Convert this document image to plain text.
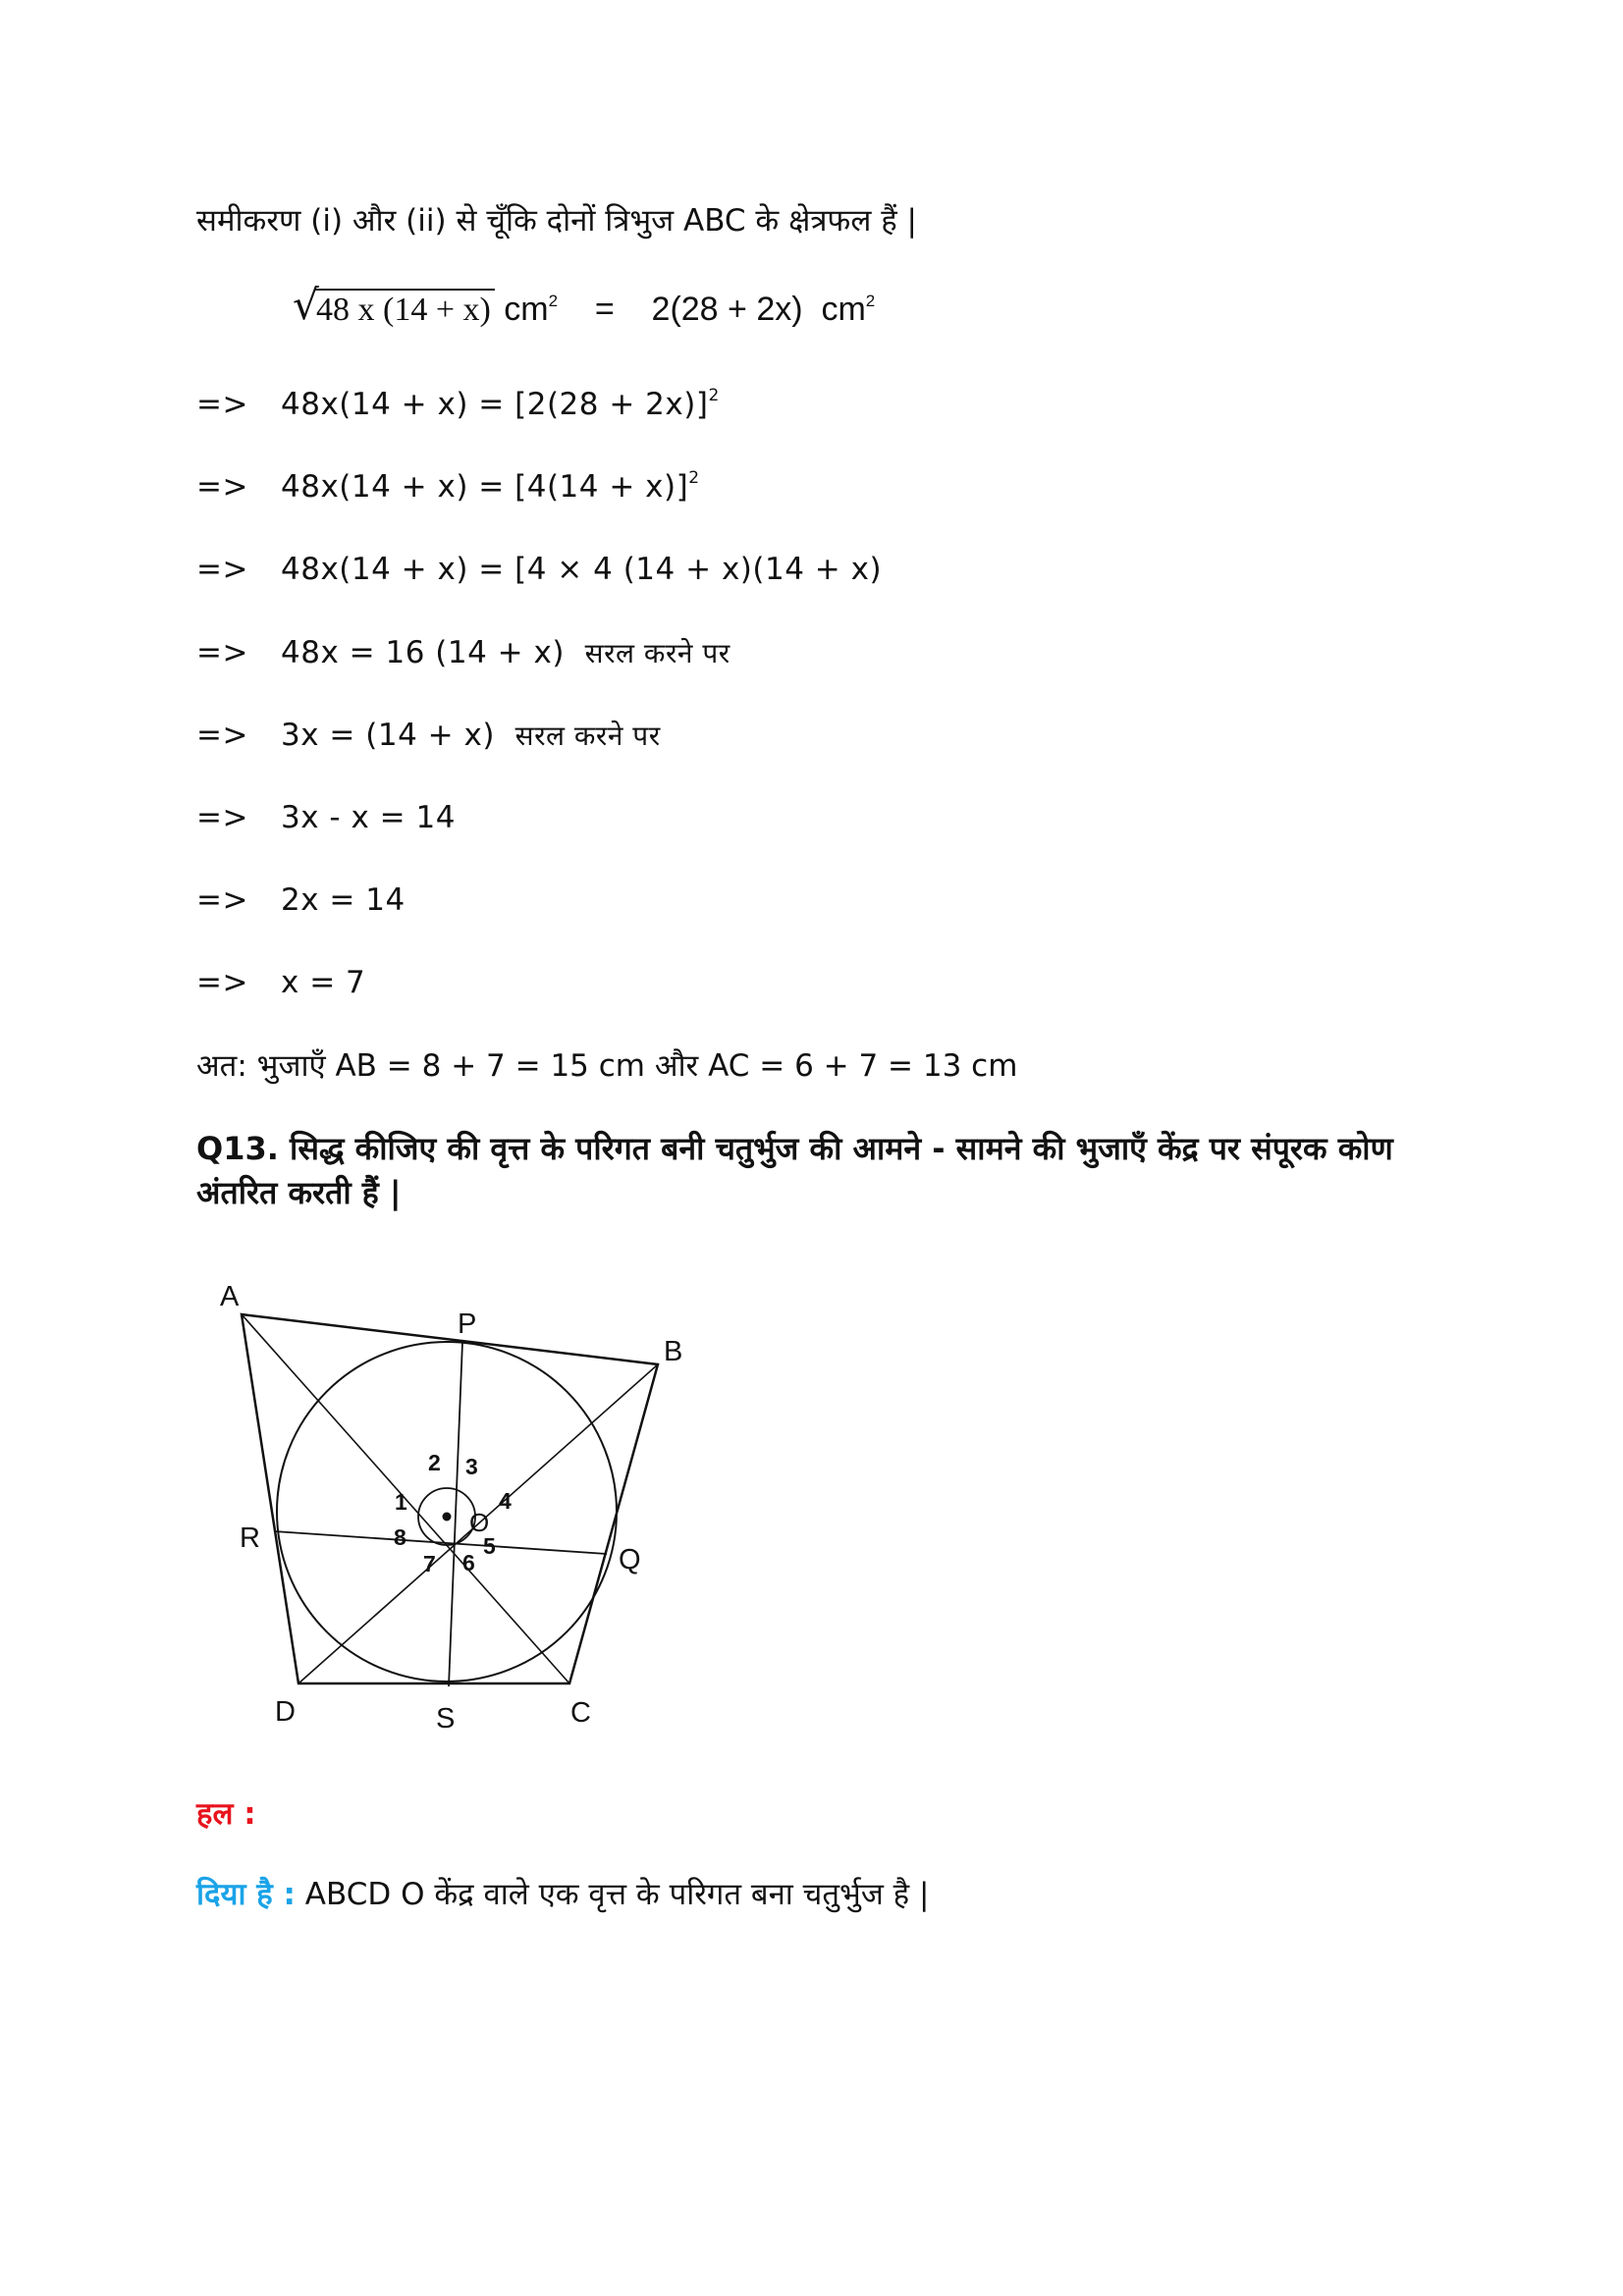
समीकरण (i) और (ii) से चूँकि दोनों त्रिभुज ABC के क्षेत्रफल हैं |
√
48 x (14 + x) $cm^2 = 2(28 + 2x)$ $cm^2$
=> $48x(14 + x) = [2(28 + 2x)]^2$
=> $48x(14 + x) = [4(14 + x)]^2$
=> 48x(14 + x) = [4 × 4 (14 + x)(14 + x)
=> 48x = 16 (14 + x) सरल करने पर
=> 3x = (14 + x) सरल करने पर
=> 3x - x = 14
=> 2x = 14
=> x = 7
अत: भुजाएँ AB = 8 + 7 = 15 cm और AC = 6 + 7 = 13 cm
Q13. सिद्ध कीजिए की वृत्त के परिगत बनी चतुर्भुज की आमने - सामने की भुजाएँ केंद्र पर संपूरक कोण अंतरित करती हैं |
A
B
C
D
P
Q
R
S
O
1
2 3
4
5
6
7
8
हल :
दिया है : ABCD O केंद्र वाले एक वृत्त के परिगत बना चतुर्भुज है |
